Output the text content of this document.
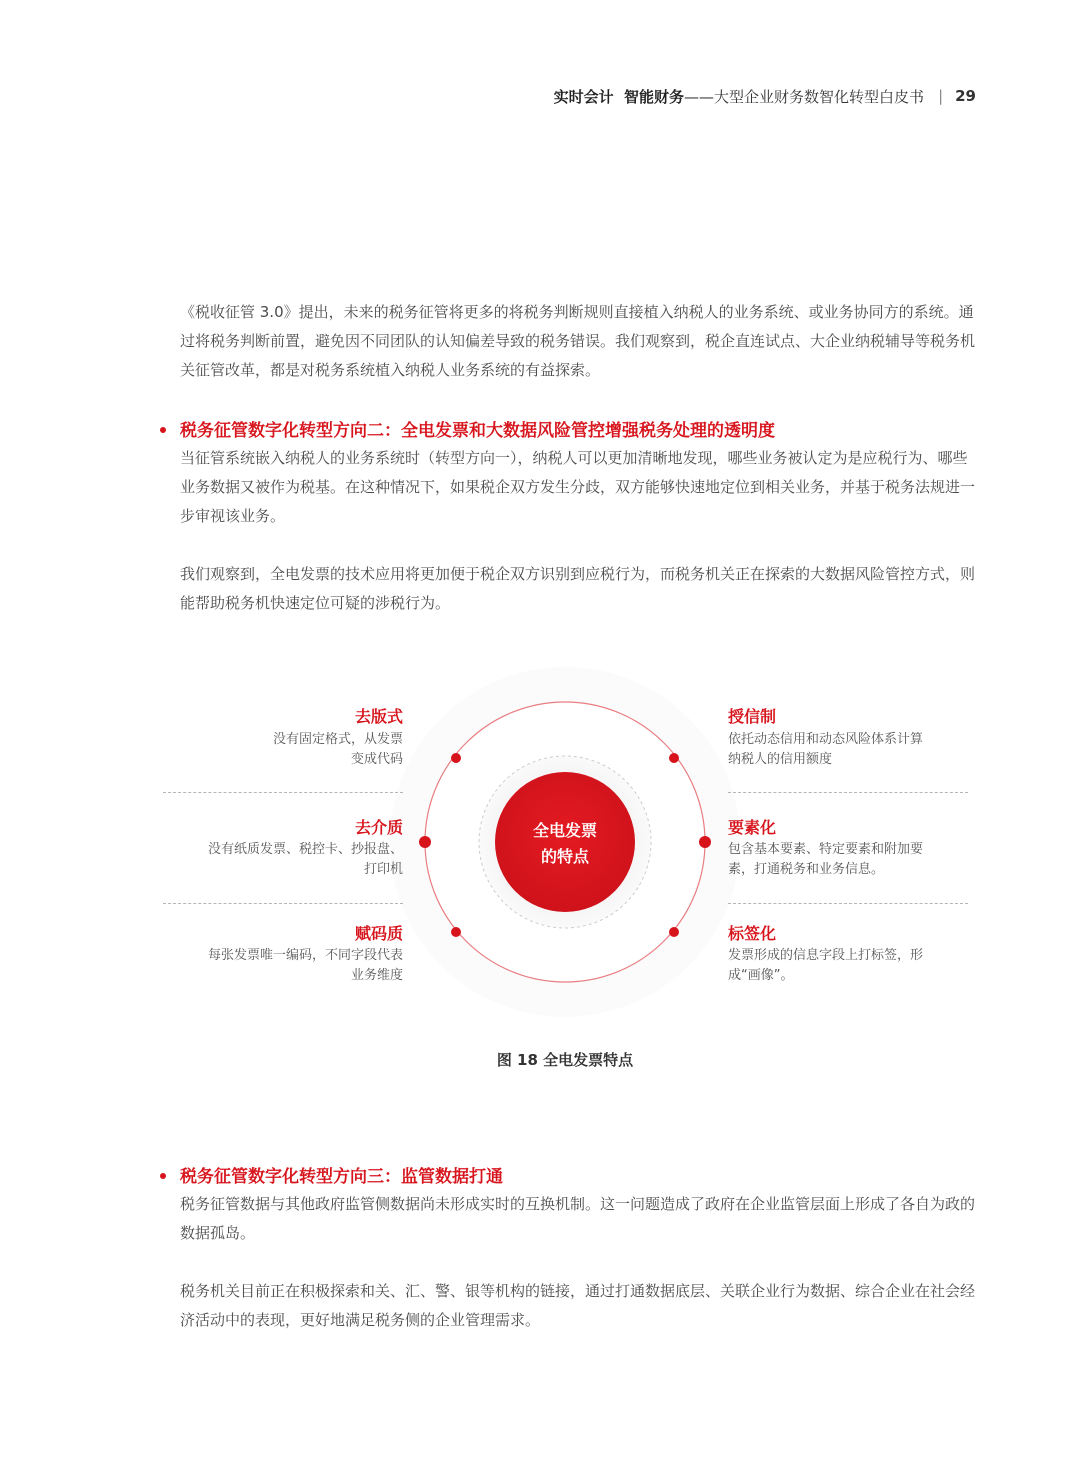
实时会计  智能财务 ——大型企业财务数智化转型白皮书 | 29

《税收征管 3.0》提出，未来的税务征管将更多的将税务判断规则直接植入纳税人的业务系统、或业务协同方的系统。通过将税务判断前置，避免因不同团队的认知偏差导致的税务错误。我们观察到，税企直连试点、大企业纳税辅导等税务机关征管改革，都是对税务系统植入纳税人业务系统的有益探索。

税务征管数字化转型方向二：全电发票和大数据风险管控增强税务处理的透明度

当征管系统嵌入纳税人的业务系统时（转型方向一），纳税人可以更加清晰地发现，哪些业务被认定为是应税行为、哪些业务数据又被作为税基。在这种情况下，如果税企双方发生分歧，双方能够快速地定位到相关业务，并基于税务法规进一步审视该业务。

我们观察到，全电发票的技术应用将更加便于税企双方识别到应税行为，而税务机关正在探索的大数据风险管控方式，则能帮助税务机快速定位可疑的涉税行为。

全电发票
的特点
去版式
没有固定格式，从发票
变成代码
去介质
没有纸质发票、税控卡、抄报盘、
打印机
赋码质
每张发票唯一编码，不同字段代表
业务维度
授信制
依托动态信用和动态风险体系计算
纳税人的信用额度
要素化
包含基本要素、特定要素和附加要
素，打通税务和业务信息。
标签化
发票形成的信息字段上打标签，形
成“画像”。
图 18 全电发票特点
税务征管数字化转型方向三：监管数据打通

税务征管数据与其他政府监管侧数据尚未形成实时的互换机制。这一问题造成了政府在企业监管层面上形成了各自为政的数据孤岛。

税务机关目前正在积极探索和关、汇、警、银等机构的链接，通过打通数据底层、关联企业行为数据、综合企业在社会经济活动中的表现，更好地满足税务侧的企业管理需求。
